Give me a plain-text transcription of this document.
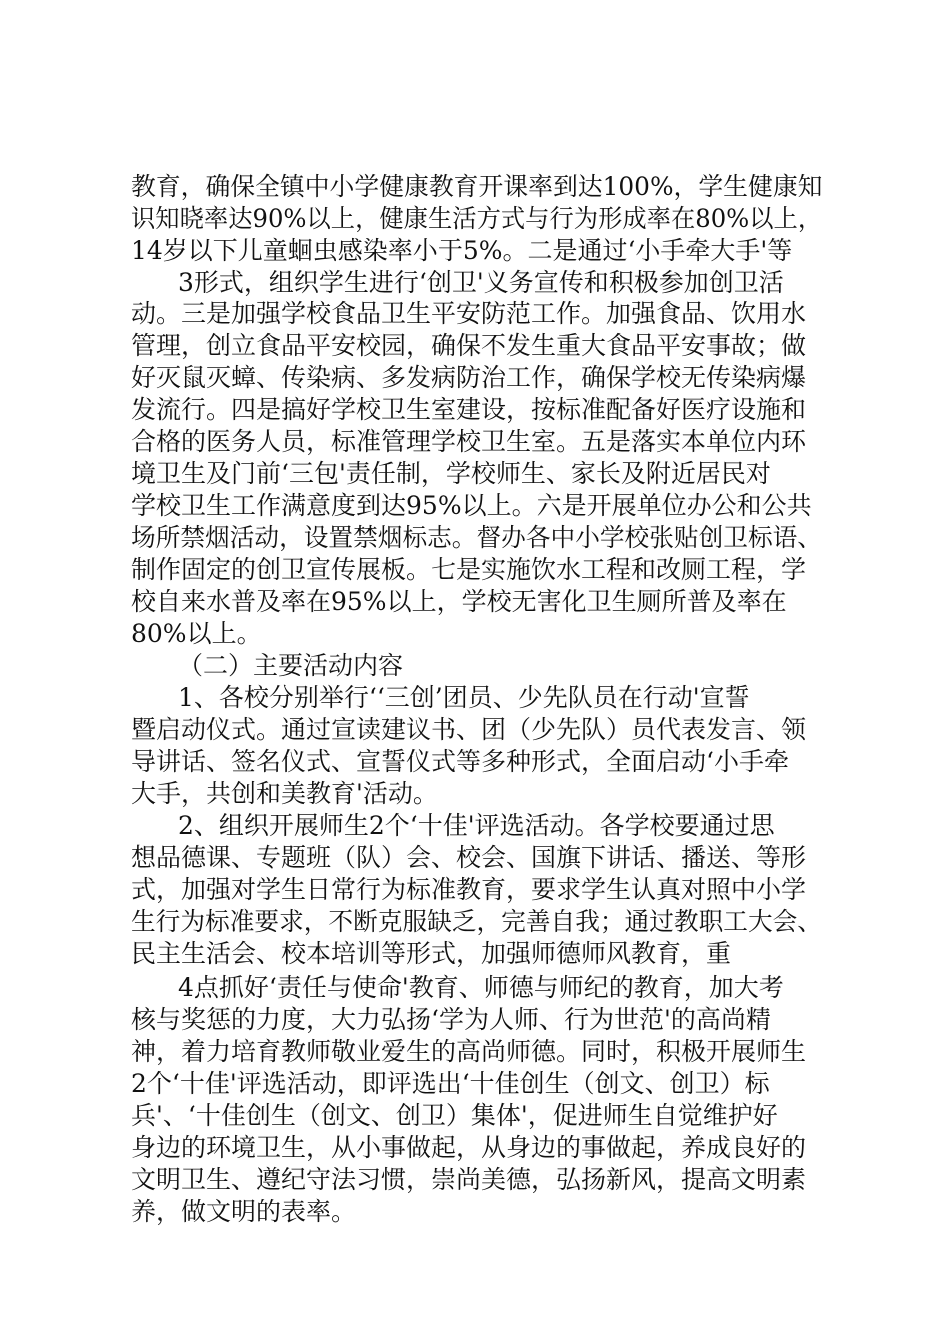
教育，确保全镇中小学健康教育开课率到达100%，学生健康知

识知晓率达90%以上，健康生活方式与行为形成率在80%以上，

14岁以下儿童蛔虫感染率小于5%。二是通过‘小手牵大手'等

3形式，组织学生进行‘创卫'义务宣传和积极参加创卫活

动。三是加强学校食品卫生平安防范工作。加强食品、饮用水

管理，创立食品平安校园，确保不发生重大食品平安事故；做

好灭鼠灭蟑、传染病、多发病防治工作，确保学校无传染病爆

发流行。四是搞好学校卫生室建设，按标准配备好医疗设施和

合格的医务人员，标准管理学校卫生室。五是落实本单位内环

境卫生及门前‘三包'责任制，学校师生、家长及附近居民对

学校卫生工作满意度到达95%以上。六是开展单位办公和公共

场所禁烟活动，设置禁烟标志。督办各中小学校张贴创卫标语、

制作固定的创卫宣传展板。七是实施饮水工程和改厕工程，学

校自来水普及率在95%以上，学校无害化卫生厕所普及率在

80%以上。

（二）主要活动内容

1、各校分别举行‘‘三创’团员、少先队员在行动'宣誓

暨启动仪式。通过宣读建议书、团（少先队）员代表发言、领

导讲话、签名仪式、宣誓仪式等多种形式，全面启动‘小手牵

大手，共创和美教育'活动。

2、组织开展师生2个‘十佳'评选活动。各学校要通过思

想品德课、专题班（队）会、校会、国旗下讲话、播送、等形

式，加强对学生日常行为标准教育，要求学生认真对照中小学

生行为标准要求，不断克服缺乏，完善自我；通过教职工大会、

民主生活会、校本培训等形式，加强师德师风教育，重

4点抓好‘责任与使命'教育、师德与师纪的教育，加大考

核与奖惩的力度，大力弘扬‘学为人师、行为世范'的高尚精

神，着力培育教师敬业爱生的高尚师德。同时，积极开展师生

2个‘十佳'评选活动，即评选出‘十佳创生（创文、创卫）标

兵'、‘十佳创生（创文、创卫）集体'，促进师生自觉维护好

身边的环境卫生，从小事做起，从身边的事做起，养成良好的

文明卫生、遵纪守法习惯，崇尚美德，弘扬新风，提高文明素

养，做文明的表率。
